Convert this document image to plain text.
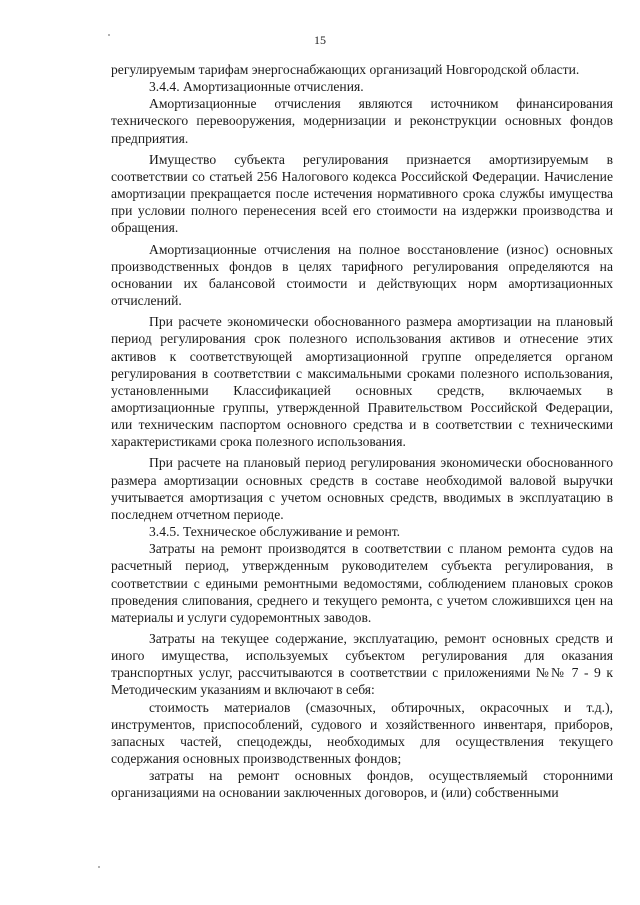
15

регулируемым тарифам энергоснабжающих организаций Новгородской области.

3.4.4. Амортизационные отчисления.

Амортизационные отчисления являются источником финансирования технического перевооружения, модернизации и реконструкции основных фондов предприятия.

Имущество субъекта регулирования признается амортизируемым в соответствии со статьей 256 Налогового кодекса Российской Федерации. Начисление амортизации прекращается после истечения нормативного срока службы имущества при условии полного перенесения всей его стоимости на издержки производства и обращения.

Амортизационные отчисления на полное восстановление (износ) основных производственных фондов в целях тарифного регулирования определяются на основании их балансовой стоимости и действующих норм амортизационных отчислений.

При расчете экономически обоснованного размера амортизации на плановый период регулирования срок полезного использования активов и отнесение этих активов к соответствующей амортизационной группе определяется органом регулирования в соответствии с максимальными сроками полезного использования, установленными Классификацией основных средств, включаемых в амортизационные группы, утвержденной Правительством Российской Федерации, или техническим паспортом основного средства и в соответствии с техническими характеристиками срока полезного использования.

При расчете на плановый период регулирования экономически обоснованного размера амортизации основных средств в составе необходимой валовой выручки учитывается амортизация с учетом основных средств, вводимых в эксплуатацию в последнем отчетном периоде.

3.4.5. Техническое обслуживание и ремонт.

Затраты на ремонт производятся в соответствии с планом ремонта судов на расчетный период, утвержденным руководителем субъекта регулирования, в соответствии с едиными ремонтными ведомостями, соблюдением плановых сроков проведения слипования, среднего и текущего ремонта, с учетом сложившихся цен на материалы и услуги судоремонтных заводов.

Затраты на текущее содержание, эксплуатацию, ремонт основных средств и иного имущества, используемых субъектом регулирования для оказания транспортных услуг, рассчитываются в соответствии с приложениями №№ 7 - 9 к Методическим указаниям и включают в себя:

стоимость материалов (смазочных, обтирочных, окрасочных и т.д.), инструментов, приспособлений, судового и хозяйственного инвентаря, приборов, запасных частей, спецодежды, необходимых для осуществления текущего содержания основных производственных фондов;

затраты на ремонт основных фондов, осуществляемый сторонними организациями на основании заключенных договоров, и (или) собственными
